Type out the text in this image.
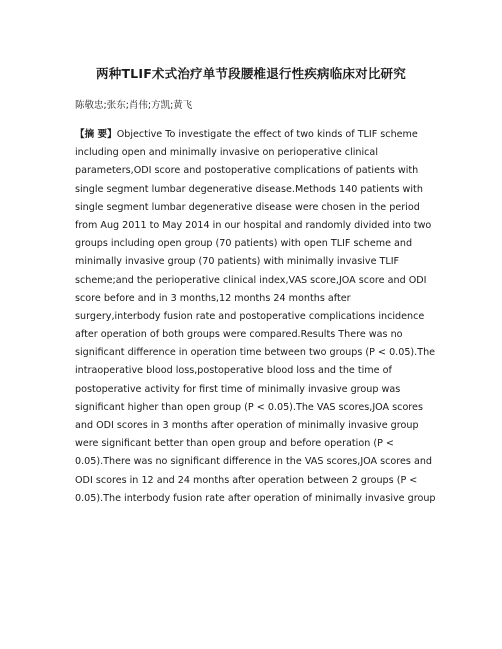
两种TLIF术式治疗单节段腰椎退行性疾病临床对比研究
陈敬忠;张东;肖伟;方凯;黄飞
【摘 要】Objective To investigate the effect of two kinds of TLIF scheme
including open and minimally invasive on perioperative clinical
parameters,ODI score and postoperative complications of patients with
single segment lumbar degenerative disease.Methods 140 patients with
single segment lumbar degenerative disease were chosen in the period
from Aug 2011 to May 2014 in our hospital and randomly divided into two
groups including open group (70 patients) with open TLIF scheme and
minimally invasive group (70 patients) with minimally invasive TLIF
scheme;and the perioperative clinical index,VAS score,JOA score and ODI
score before and in 3 months,12 months 24 months after
surgery,interbody fusion rate and postoperative complications incidence
after operation of both groups were compared.Results There was no
significant difference in operation time between two groups (P < 0.05).The
intraoperative blood loss,postoperative blood loss and the time of
postoperative activity for first time of minimally invasive group was
significant higher than open group (P < 0.05).The VAS scores,JOA scores
and ODI scores in 3 months after operation of minimally invasive group
were significant better than open group and before operation (P <
0.05).There was no significant difference in the VAS scores,JOA scores and
ODI scores in 12 and 24 months after operation between 2 groups (P <
0.05).The interbody fusion rate after operation of minimally invasive group
